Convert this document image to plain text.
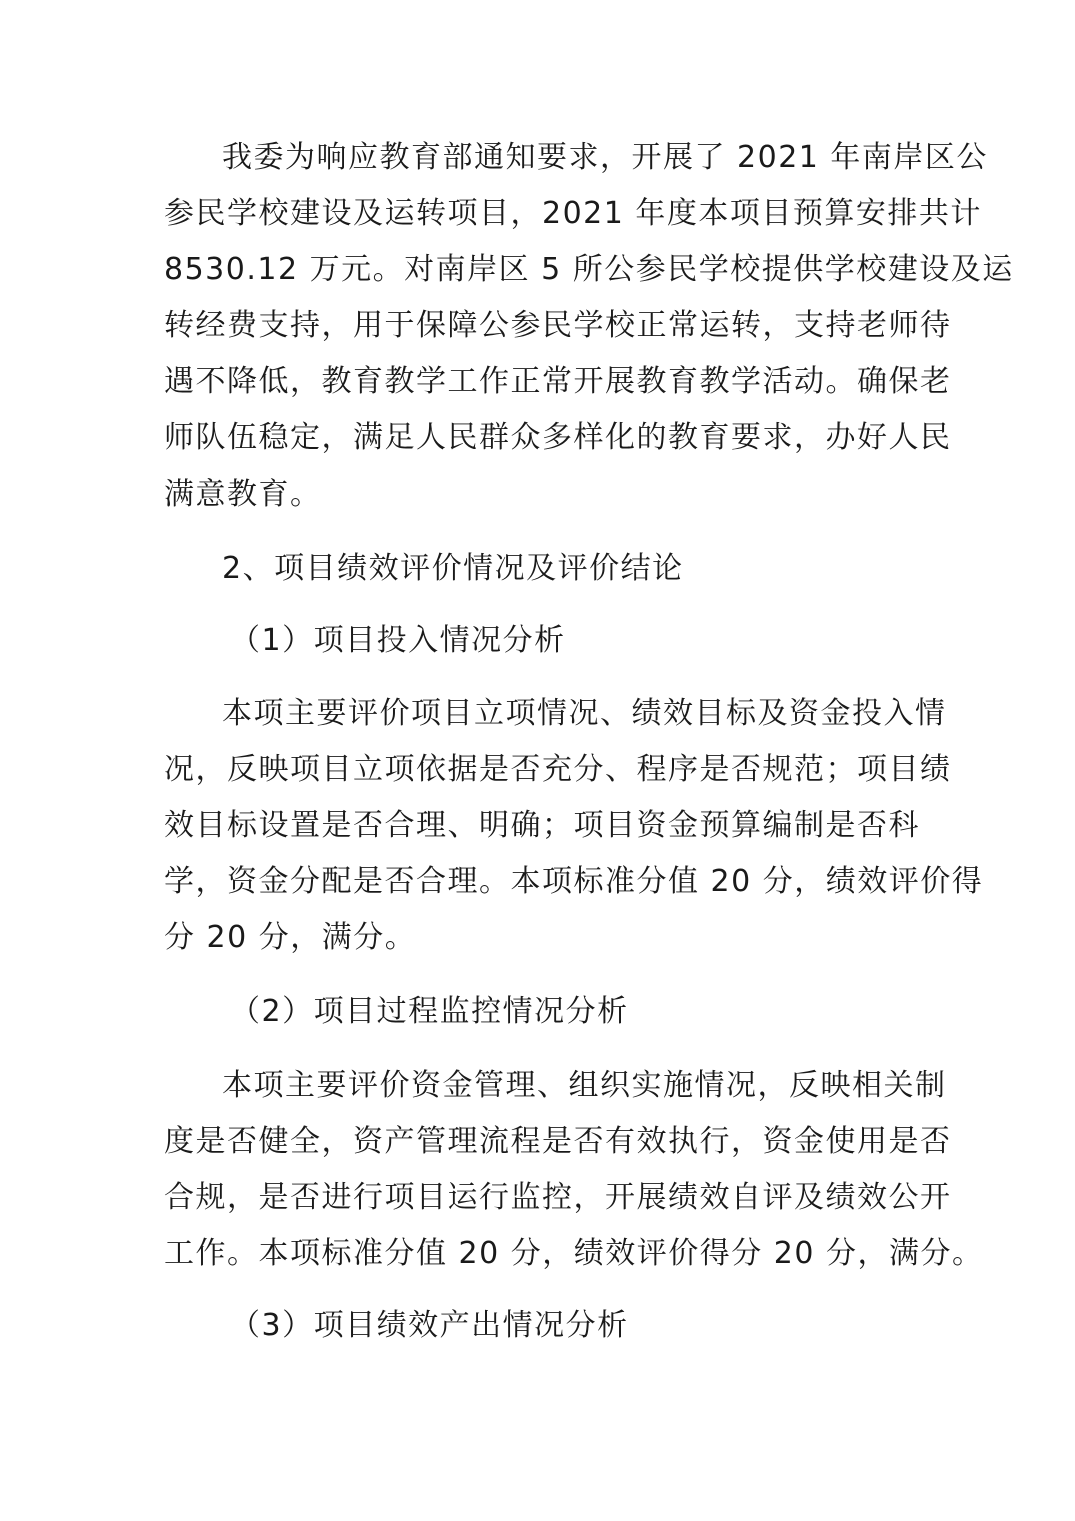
我委为响应教育部通知要求，开展了 2021 年南岸区公
参民学校建设及运转项目，2021 年度本项目预算安排共计
8530.12 万元。对南岸区 5 所公参民学校提供学校建设及运
转经费支持，用于保障公参民学校正常运转，支持老师待
遇不降低，教育教学工作正常开展教育教学活动。确保老
师队伍稳定，满足人民群众多样化的教育要求，办好人民
满意教育。
2、项目绩效评价情况及评价结论
（1）项目投入情况分析
本项主要评价项目立项情况、绩效目标及资金投入情
况，反映项目立项依据是否充分、程序是否规范；项目绩
效目标设置是否合理、明确；项目资金预算编制是否科
学，资金分配是否合理。本项标准分值 20 分，绩效评价得
分 20 分，满分。
（2）项目过程监控情况分析
本项主要评价资金管理、组织实施情况，反映相关制
度是否健全，资产管理流程是否有效执行，资金使用是否
合规，是否进行项目运行监控，开展绩效自评及绩效公开
工作。本项标准分值 20 分，绩效评价得分 20 分，满分。
（3）项目绩效产出情况分析
